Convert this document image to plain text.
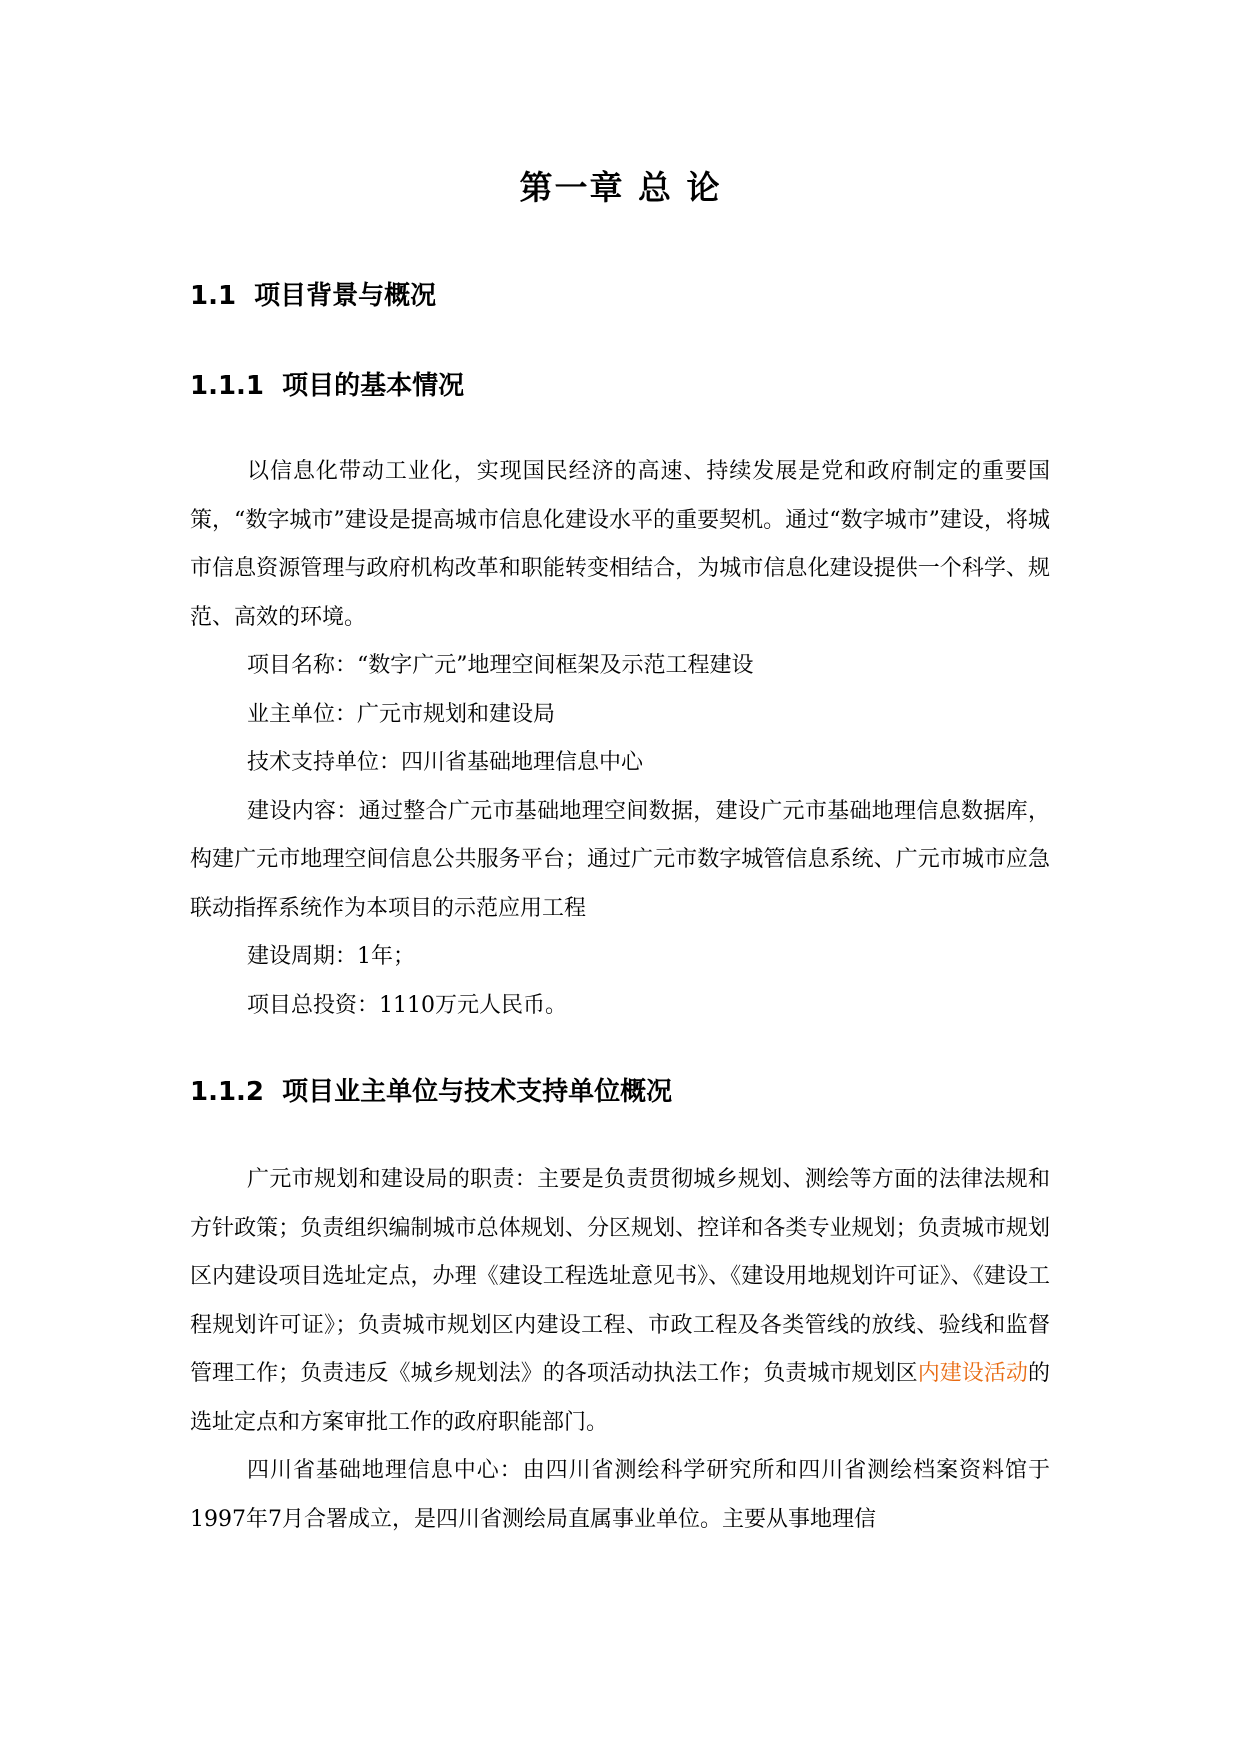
第一章 总 论
1.1 项目背景与概况
1.1.1 项目的基本情况

以信息化带动工业化，实现国民经济的高速、持续发展是党和政府制定的重要国策，“数字城市”建设是提高城市信息化建设水平的重要契机。通过“数字城市”建设，将城市信息资源管理与政府机构改革和职能转变相结合，为城市信息化建设提供一个科学、规范、高效的环境。

项目名称：“数字广元”地理空间框架及示范工程建设

业主单位：广元市规划和建设局

技术支持单位：四川省基础地理信息中心

建设内容：通过整合广元市基础地理空间数据，建设广元市基础地理信息数据库，构建广元市地理空间信息公共服务平台；通过广元市数字城管信息系统、广元市城市应急联动指挥系统作为本项目的示范应用工程

建设周期：1年；

项目总投资：1110万元人民币。

1.1.2 项目业主单位与技术支持单位概况

广元市规划和建设局的职责：主要是负责贯彻城乡规划、测绘等方面的法律法规和方针政策；负责组织编制城市总体规划、分区规划、控详和各类专业规划；负责城市规划区内建设项目选址定点，办理《建设工程选址意见书》、《建设用地规划许可证》、《建设工程规划许可证》；负责城市规划区内建设工程、市政工程及各类管线的放线、验线和监督管理工作；负责违反《城乡规划法》的各项活动执法工作；负责城市规划区内建设活动的选址定点和方案审批工作的政府职能部门。

四川省基础地理信息中心：由四川省测绘科学研究所和四川省测绘档案资料馆于1997年7月合署成立，是四川省测绘局直属事业单位。主要从事地理信
